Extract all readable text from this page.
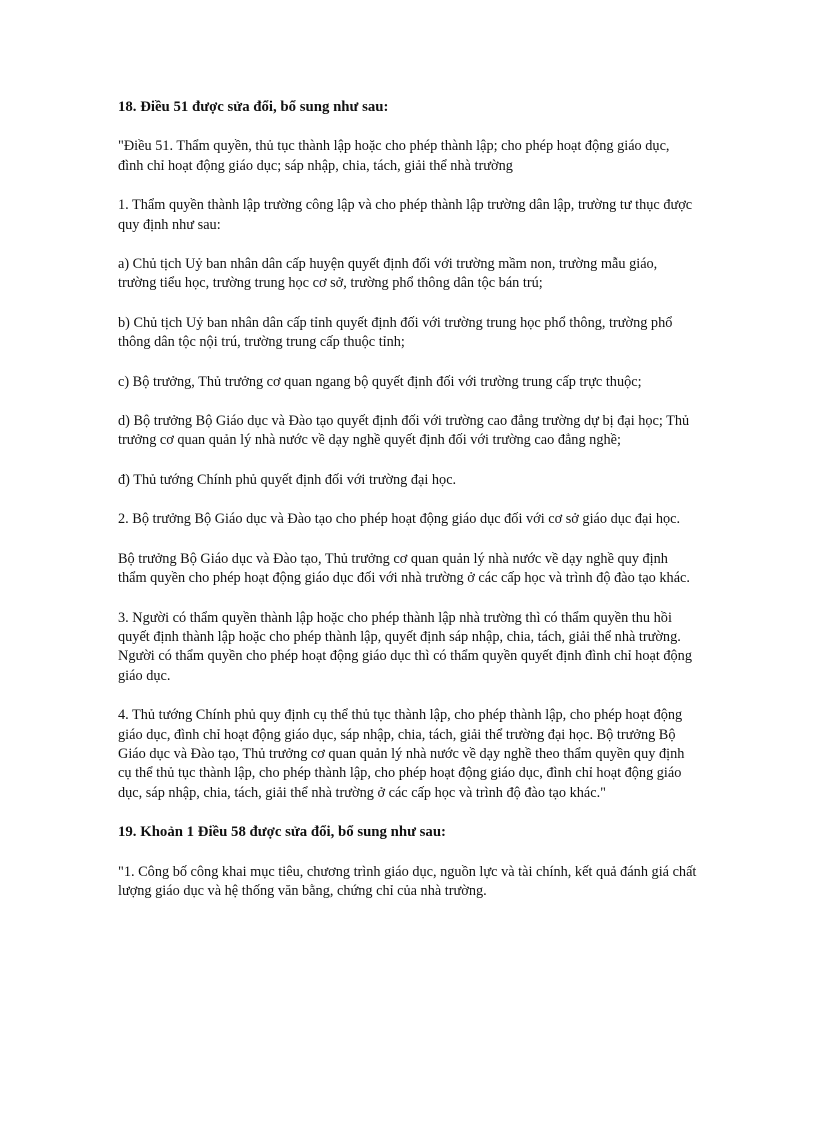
18. Điều 51 được sửa đổi, bổ sung như sau:

"Điều 51. Thẩm quyền, thủ tục thành lập hoặc cho phép thành lập; cho phép hoạt động giáo dục, đình chỉ hoạt động giáo dục; sáp nhập, chia, tách, giải thể nhà trường

1. Thẩm quyền thành lập trường công lập và cho phép thành lập trường dân lập, trường tư thục được quy định như sau:

a) Chủ tịch Uỷ ban nhân dân cấp huyện quyết định đối với trường mầm non, trường mẫu giáo, trường tiểu học, trường trung học cơ sở, trường phổ thông dân tộc bán trú;

b) Chủ tịch Uỷ ban nhân dân cấp tỉnh quyết định đối với trường trung học phổ thông, trường phổ thông dân tộc nội trú, trường trung cấp thuộc tỉnh;

c) Bộ trưởng, Thủ trưởng cơ quan ngang bộ quyết định đối với trường trung cấp trực thuộc;

d) Bộ trưởng Bộ Giáo dục và Đào tạo quyết định đối với trường cao đẳng trường dự bị đại học; Thủ trưởng cơ quan quản lý nhà nước về dạy nghề quyết định đối với trường cao đẳng nghề;

đ) Thủ tướng Chính phủ quyết định đối với trường đại học.

2. Bộ trưởng Bộ Giáo dục và Đào tạo cho phép hoạt động giáo dục đối với cơ sở giáo dục đại học.

Bộ trưởng Bộ Giáo dục và Đào tạo, Thủ trưởng cơ quan quản lý nhà nước về dạy nghề quy định thẩm quyền cho phép hoạt động giáo dục đối với nhà trường ở các cấp học và trình độ đào tạo khác.

3. Người có thẩm quyền thành lập hoặc cho phép thành lập nhà trường thì có thẩm quyền thu hồi quyết định thành lập hoặc cho phép thành lập, quyết định sáp nhập, chia, tách, giải thể nhà trường. Người có thẩm quyền cho phép hoạt động giáo dục thì có thẩm quyền quyết định đình chỉ hoạt động giáo dục.

4. Thủ tướng Chính phủ quy định cụ thể thủ tục thành lập, cho phép thành lập, cho phép hoạt động giáo dục, đình chỉ hoạt động giáo dục, sáp nhập, chia, tách, giải thể trường đại học. Bộ trưởng Bộ Giáo dục và Đào tạo, Thủ trưởng cơ quan quản lý nhà nước về dạy nghề theo thẩm quyền quy định cụ thể thủ tục thành lập, cho phép thành lập, cho phép hoạt động giáo dục, đình chỉ hoạt động giáo dục, sáp nhập, chia, tách, giải thể nhà trường ở các cấp học và trình độ đào tạo khác."

19. Khoản 1 Điều 58 được sửa đổi, bổ sung như sau:

"1. Công bố công khai mục tiêu, chương trình giáo dục, nguồn lực và tài chính, kết quả đánh giá chất lượng giáo dục và hệ thống văn bằng, chứng chỉ của nhà trường.
